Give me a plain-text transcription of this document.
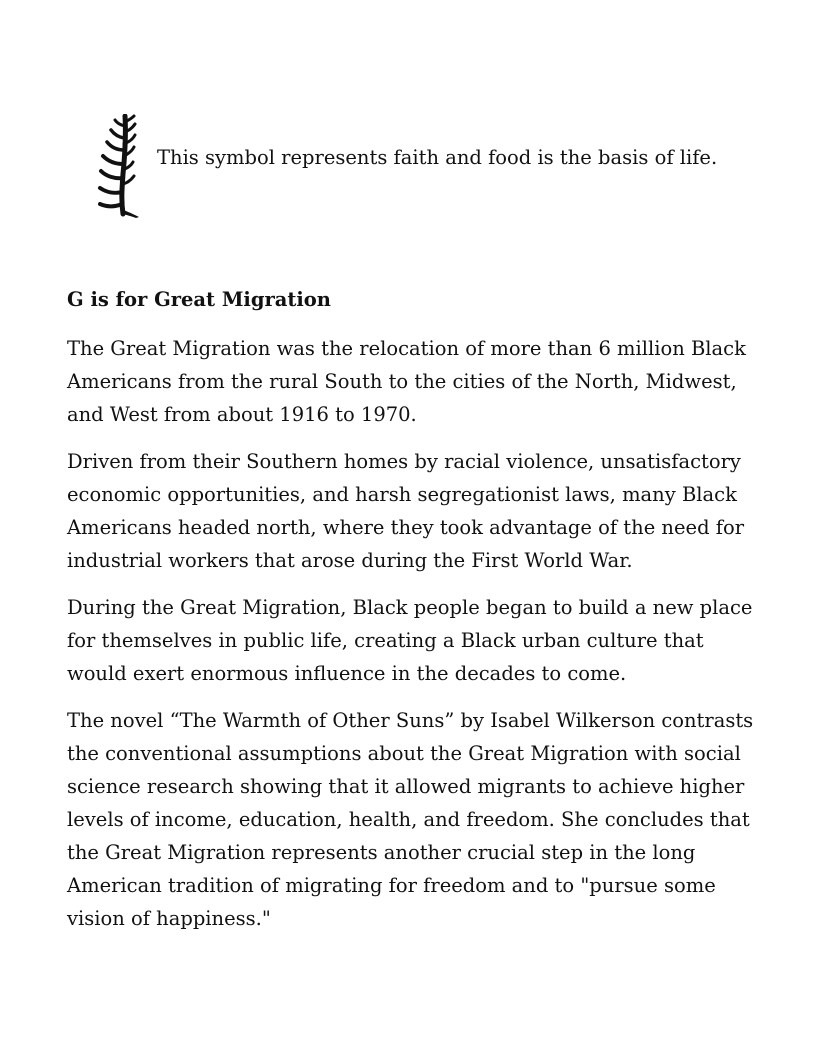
This symbol represents faith and food is the basis of life.
G is for Great Migration

The Great Migration was the relocation of more than 6 million Black Americans from the rural South to the cities of the North, Midwest, and West from about 1916 to 1970.

Driven from their Southern homes by racial violence, unsatisfactory economic opportunities, and harsh segregationist laws, many Black Americans headed north, where they took advantage of the need for industrial workers that arose during the First World War.

During the Great Migration, Black people began to build a new place for themselves in public life, creating a Black urban culture that would exert enormous influence in the decades to come.

The novel “The Warmth of Other Suns” by Isabel Wilkerson contrasts the conventional assumptions about the Great Migration with social science research showing that it allowed migrants to achieve higher levels of income, education, health, and freedom. She concludes that the Great Migration represents another crucial step in the long American tradition of migrating for freedom and to "pursue some vision of happiness."
